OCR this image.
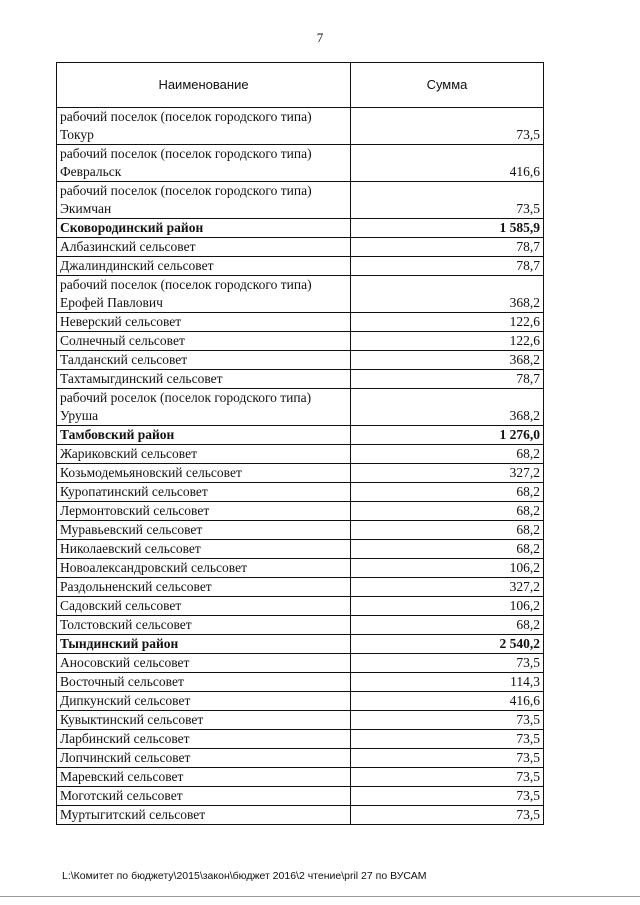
7
Наименование	Сумма
рабочий поселок (поселок городского типа) Токур	73,5
рабочий поселок (поселок городского типа) Февральск	416,6
рабочий поселок (поселок городского типа) Экимчан	73,5
Сковородинский район	1 585,9
Албазинский сельсовет	78,7
Джалиндинский сельсовет	78,7
рабочий поселок (поселок городского типа) Ерофей Павлович	368,2
Неверский сельсовет	122,6
Солнечный сельсовет	122,6
Талданский сельсовет	368,2
Тахтамыгдинский сельсовет	78,7
рабочий роселок (поселок городского типа) Уруша	368,2
Тамбовский район	1 276,0
Жариковский сельсовет	68,2
Козьмодемьяновский сельсовет	327,2
Куропатинский сельсовет	68,2
Лермонтовский сельсовет	68,2
Муравьевский сельсовет	68,2
Николаевский сельсовет	68,2
Новоалександровский сельсовет	106,2
Раздольненский сельсовет	327,2
Садовский сельсовет	106,2
Толстовский сельсовет	68,2
Тындинский район	2 540,2
Аносовский сельсовет	73,5
Восточный сельсовет	114,3
Дипкунский сельсовет	416,6
Кувыктинский сельсовет	73,5
Ларбинский сельсовет	73,5
Лопчинский сельсовет	73,5
Маревский сельсовет	73,5
Моготский сельсовет	73,5
Муртыгитский сельсовет	73,5
L:\Комитет по бюджету\2015\закон\бюджет 2016\2 чтение\pril 27 по ВУСАМ
